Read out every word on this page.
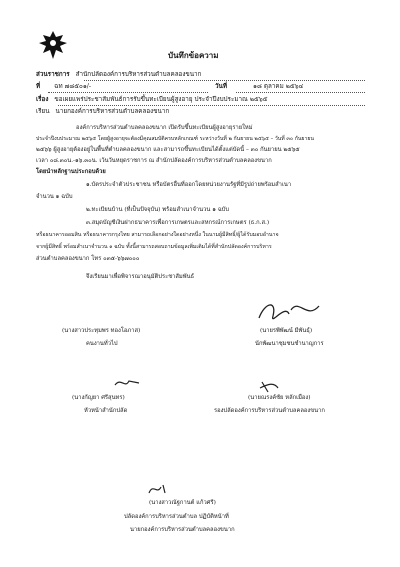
บันทึกข้อความ
ส่วนราชการ สำนักปลัดองค์การบริหารส่วนตำบลคลองขนาก
ที่ ฉท ๗๘๕๐๑/-	วันที่	๑๘ ตุลาคม ๒๕๖๔
เรื่อง ขอเผยแพร่ประชาสัมพันธ์การรับขึ้นทะเบียนผู้สูงอายุ ประจำปีงบประมาณ ๒๕๖๕
เรียน นายกองค์การบริหารส่วนตำบลคลองขนาก
องค์การบริหารส่วนตำบลคลองขนาก เปิดรับขึ้นทะเบียนผู้สูงอายุรายใหม่
ประจำปีงบประมาณ ๒๕๖๕ โดยผู้สูงอายุจะต้องมีคุณสมบัติครบหลักเกณฑ์ ระหว่างวันที่ ๒ กันยายน ๒๕๖๕ – วันที่ ๓๐ กันยายน
๒๕๖๖ ผู้สูงอายุต้องอยู่ในพื้นที่ตำบลคลองขนาก และสามารถขึ้นทะเบียนได้ตั้งแต่บัดนี้ – ๓๐ กันยายน ๒๕๖๕
เวลา ๐๘.๓๐น.-๑๖.๓๐น. เว้นวันหยุดราชการ ณ สำนักปลัดองค์การบริหารส่วนตำบลคลองขนาก
โดยนำหลักฐานประกอบด้วย
๑.บัตรประจำตัวประชาชน หรือบัตรอื่นที่ออกโดยหน่วยงานรัฐที่มีรูปถ่ายพร้อมสำเนา
จำนวน ๑ ฉบับ
๒.ทะเบียนบ้าน (ที่เป็นปัจจุบัน) พร้อมสำเนาจำนวน ๑ ฉบับ
๓.สมุดบัญชีเงินฝากธนาคารเพื่อการเกษตรและสหกรณ์การเกษตร (ธ.ก.ส.)
หรือธนาคารออมสิน หรือธนาคารกรุงไทย สามารถเลือกอย่างใดอย่างหนึ่ง ในนามผู้มีสิทธิ์/ผู้ได้รับมอบอำนาจ
จากผู้มีสิทธิ์ พร้อมสำเนาจำนวน ๑ ฉบับ ทั้งนี้สามารถสอบถามข้อมูลเพิ่มเติมได้ที่สำนักปลัดองค์การบริหาร
ส่วนตำบลคลองขนาก โทร ๐๓๕-๖๖๗๐๐๐
จึงเรียนมาเพื่อพิจารณาอนุมัติประชาสัมพันธ์
(นางสาวประทุมพร ทองโอภาส)
คนงานทั่วไป
(นายรพีพัฒน์ มีพันธุ์)
นักพัฒนาชุมชนชำนาญการ
(นางกัญยา ศรีสุนทร)
หัวหน้าสำนักปลัด
(นายณรงค์ชัย หลักเมือง)
รองปลัดองค์การบริหารส่วนตำบลคลองขนาก
(นางสาวณัฐกานต์ แก้วศรี)
ปลัดองค์การบริหารส่วนตำบล ปฏิบัติหน้าที่
นายกองค์การบริหารส่วนตำบลคลองขนาก
